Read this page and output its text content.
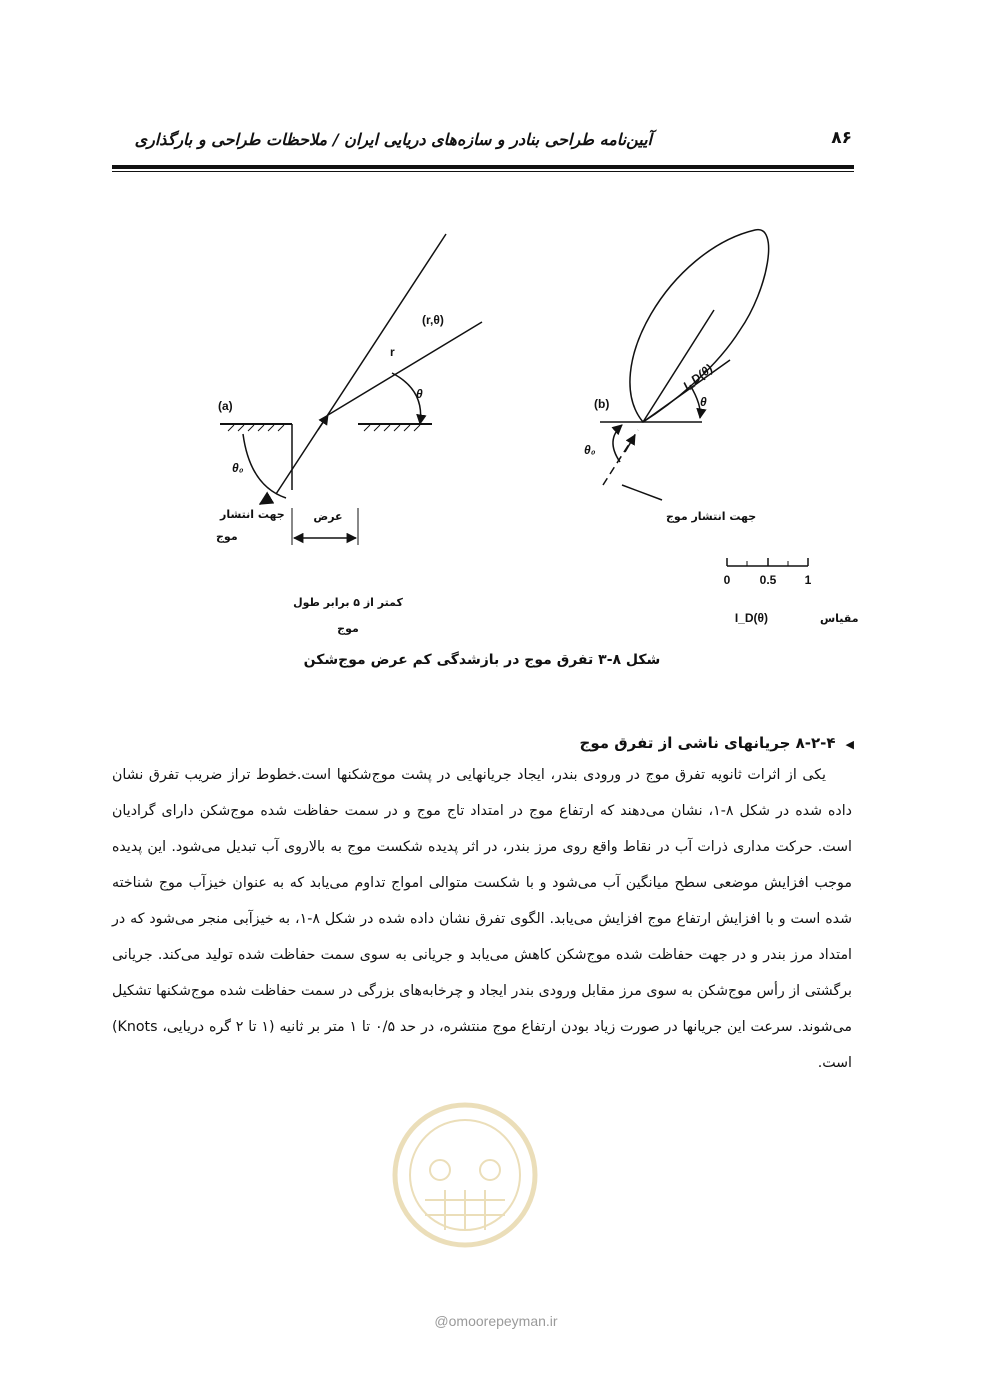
آیین‌نامه طراحی بنادر و سازه‌های دریایی ایران / ملاحظات طراحی و بارگذاری	۸۶
(a)
(r,θ)
r
θ
θ₀
جهت انتشار
موج
عرض
کمتر از ۵ برابر طول
موج
(b)
I_D(θ)
θ
θ₀
جهت انتشار موج
0 0.5 1
I_D(θ)	مقیاس
شکل ۸-۳ تفرق موج در بازشدگی کم عرض موج‌شکن
◀۸-۲-۴ جریانهای ناشی از تفرق موج
یکی از اثرات ثانویه تفرق موج در ورودی بندر، ایجاد جریانهایی در پشت موج‌شکنها است.خطوط تراز ضریب تفرق نشان داده شده در شکل ۸-۱، نشان می‌دهند که ارتفاع موج در امتداد تاج موج و در سمت حفاظت شده موج‌شکن دارای گرادیان است. حرکت مداری ذرات آب در نقاط واقع روی مرز بندر، در اثر پدیده شکست موج به بالاروی آب تبدیل می‌شود. این پدیده موجب افزایش موضعی سطح میانگین آب می‌شود و با شکست متوالی امواج تداوم می‌یابد که به عنوان خیزآب موج شناخته شده است و با افزایش ارتفاع موج افزایش می‌یابد. الگوی تفرق نشان داده شده در شکل ۸-۱، به خیزآبی منجر می‌شود که در امتداد مرز بندر و در جهت حفاظت شده موج‌شکن کاهش می‌یابد و جریانی به سوی سمت حفاظت شده تولید می‌کند. جریانی برگشتی از رأس موج‌شکن به سوی مرز مقابل ورودی بندر ایجاد و چرخابه‌های بزرگی در سمت حفاظت شده موج‌شکنها تشکیل می‌شوند. سرعت این جریانها در صورت زیاد بودن ارتفاع موج منتشره، در حد ۰/۵ تا ۱ متر بر ثانیه (۱ تا ۲ گره دریایی، Knots) است.
@omoorepeyman.ir
